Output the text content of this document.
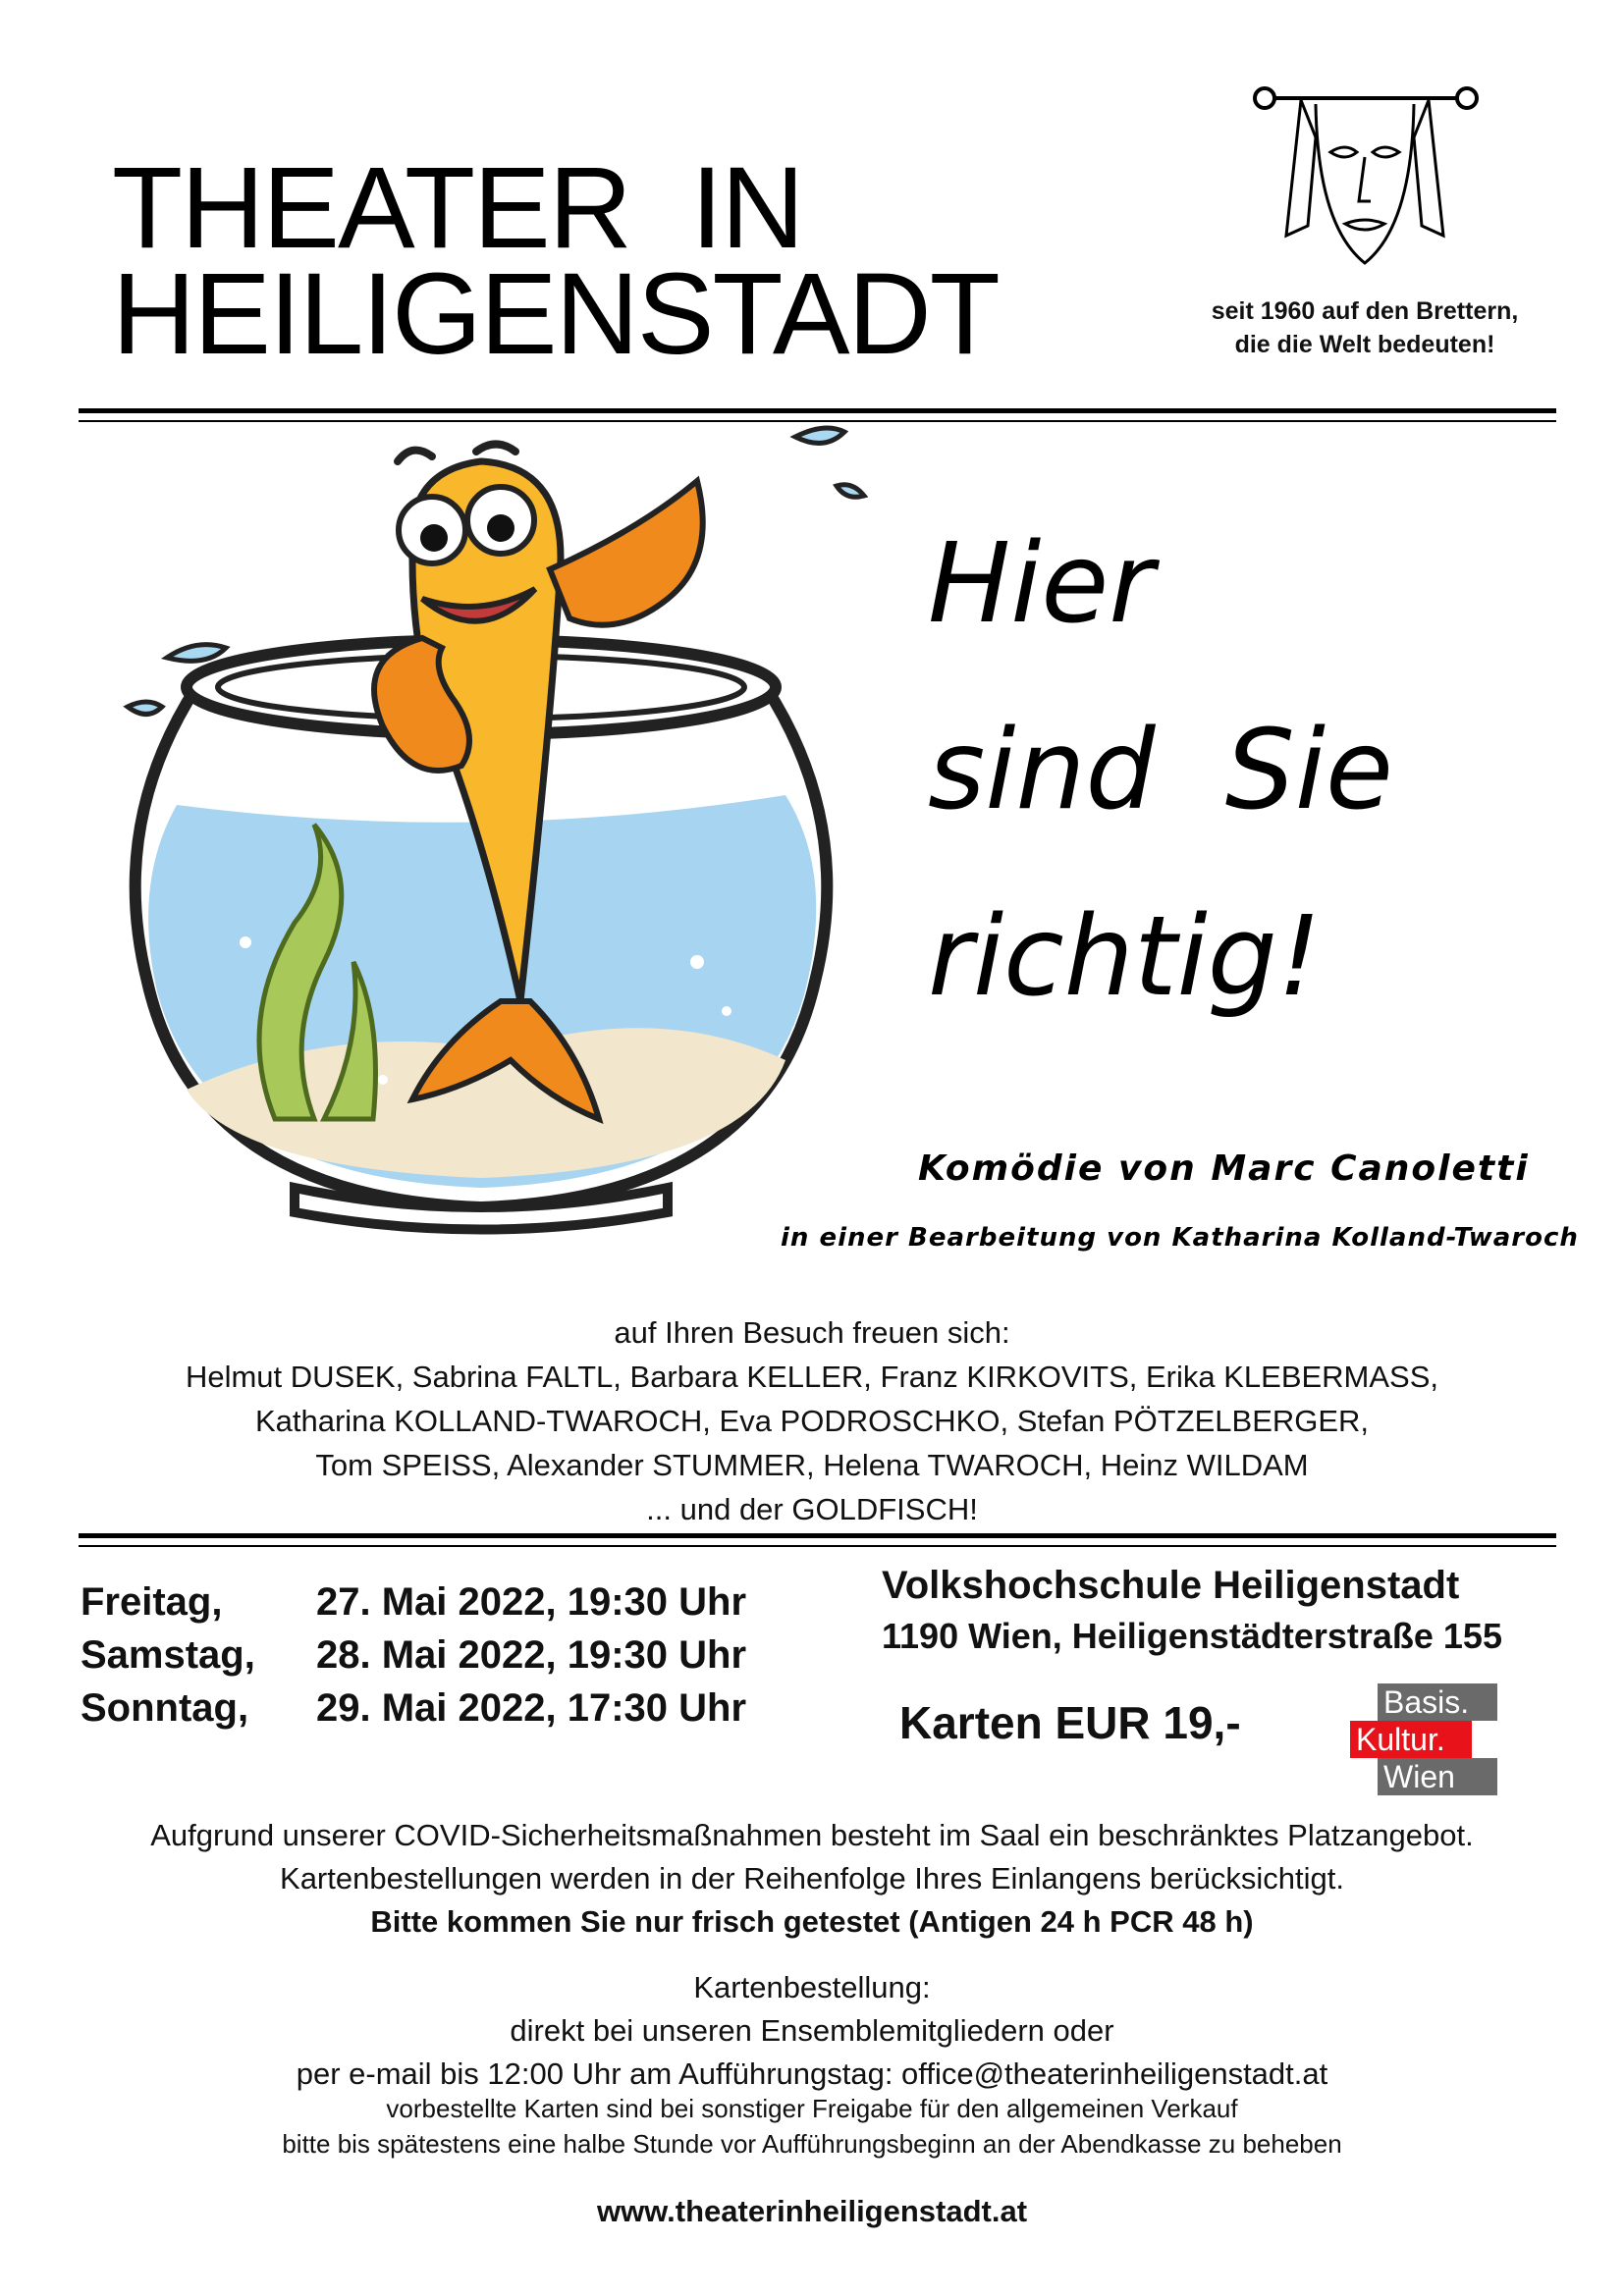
THEATER  IN
HEILIGENSTADT	seit 1960 auf den Brettern,
die die Welt bedeuten!
Hier
sind  Sie
richtig!
Komödie von Marc Canoletti
in einer Bearbeitung von Katharina Kolland-Twaroch
auf Ihren Besuch freuen sich:
Helmut DUSEK, Sabrina FALTL, Barbara KELLER, Franz KIRKOVITS, Erika KLEBERMASS,
Katharina KOLLAND-TWAROCH, Eva PODROSCHKO, Stefan PÖTZELBERGER,
Tom SPEISS, Alexander STUMMER, Helena TWAROCH, Heinz WILDAM
... und der GOLDFISCH!
Freitag,	27. Mai 2022, 19:30 Uhr
Samstag,	28. Mai 2022, 19:30 Uhr
Sonntag,	29. Mai 2022, 17:30 Uhr
Volkshochschule Heiligenstadt
1190 Wien, Heiligenstädterstraße 155
Karten EUR 19,-	Basis.
Kultur.
Wien
Aufgrund unserer COVID-Sicherheitsmaßnahmen besteht im Saal ein beschränktes Platzangebot.
Kartenbestellungen werden in der Reihenfolge Ihres Einlangens berücksichtigt.
Bitte kommen Sie nur frisch getestet (Antigen 24 h PCR 48 h)
Kartenbestellung:
direkt bei unseren Ensemblemitgliedern oder
per e-mail bis 12:00 Uhr am Aufführungstag: office@theaterinheiligenstadt.at
vorbestellte Karten sind bei sonstiger Freigabe für den allgemeinen Verkauf
bitte bis spätestens eine halbe Stunde vor Aufführungsbeginn an der Abendkasse zu beheben
www.theaterinheiligenstadt.at
